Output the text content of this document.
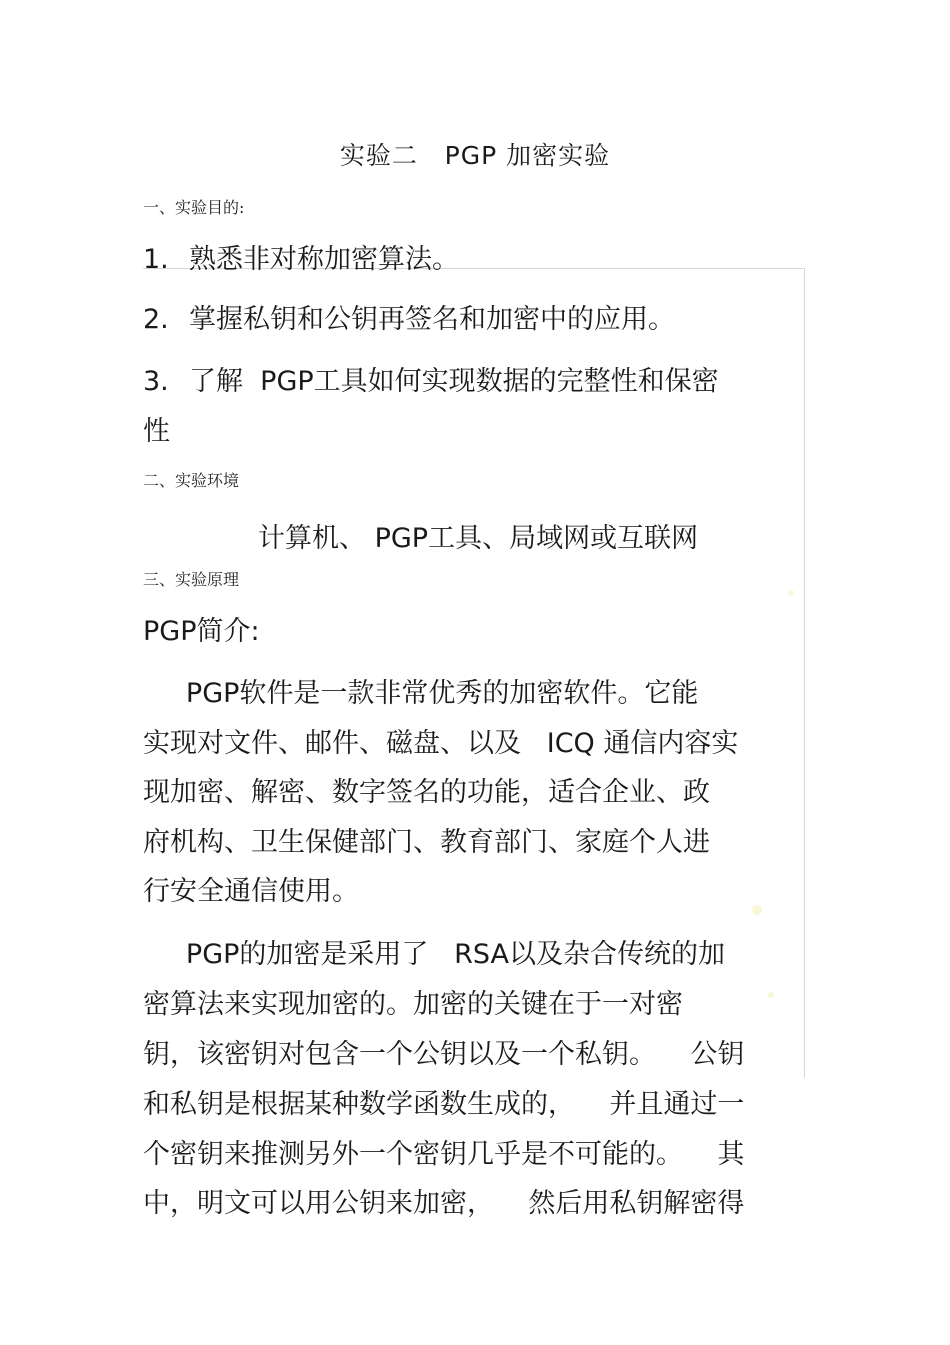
实验二   PGP 加密实验
一、实验目的:
1. 熟悉非对称加密算法。
2. 掌握私钥和公钥再签名和加密中的应用。
3. 了解  PGP工具如何实现数据的完整性和保密
性
二、实验环境
计算机、 PGP工具、局域网或互联网
三、实验原理
PGP简介:
PGP软件是一款非常优秀的加密软件。它能
实现对文件、邮件、磁盘、以及   ICQ 通信内容实
现加密、解密、数字签名的功能，适合企业、政
府机构、卫生保健部门、教育部门、家庭个人进
行安全通信使用。
PGP的加密是采用了   RSA以及杂合传统的加
密算法来实现加密的。加密的关键在于一对密
钥，该密钥对包含一个公钥以及一个私钥。    公钥
和私钥是根据某种数学函数生成的，    并且通过一
个密钥来推测另外一个密钥几乎是不可能的。    其
中，明文可以用公钥来加密，    然后用私钥解密得
